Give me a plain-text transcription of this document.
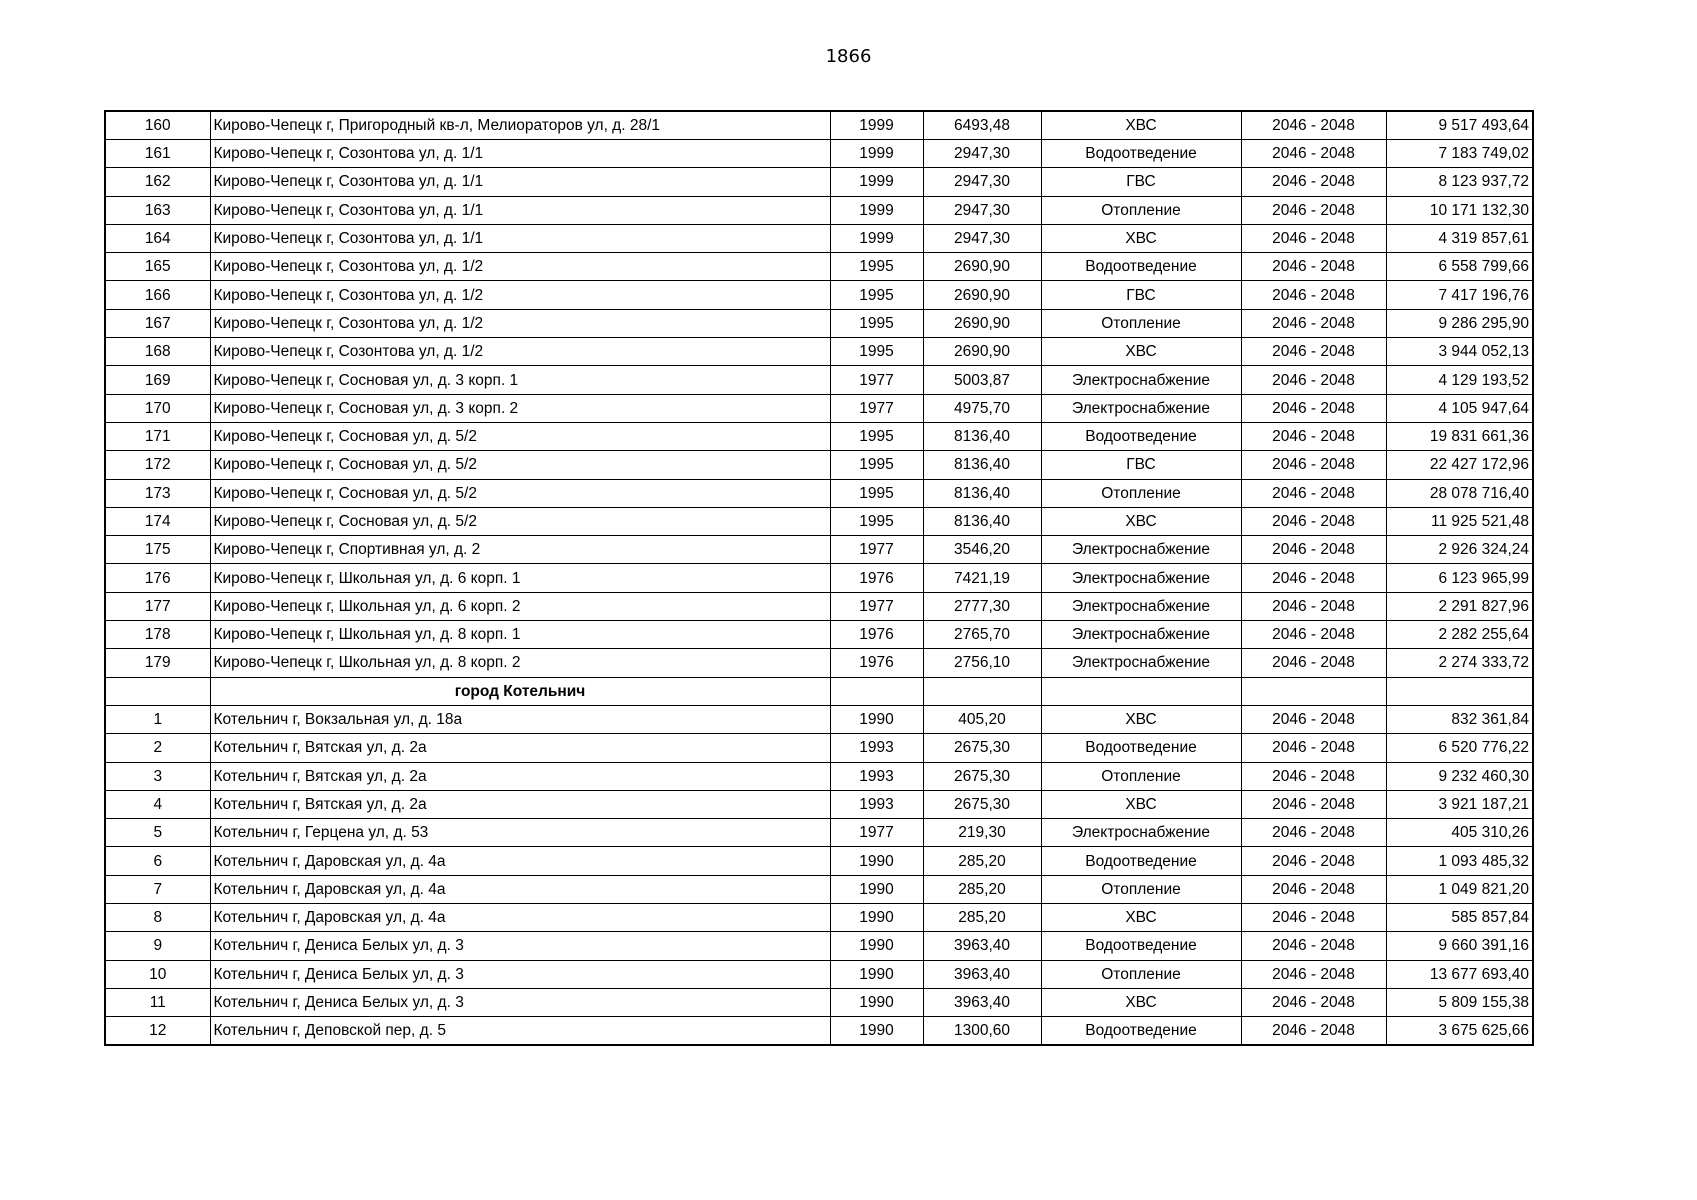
1866
160	Кирово-Чепецк г, Пригородный кв-л, Мелиораторов ул, д. 28/1	1999	6493,48	ХВС	2046 - 2048	9 517 493,64
161	Кирово-Чепецк г, Созонтова ул, д. 1/1	1999	2947,30	Водоотведение	2046 - 2048	7 183 749,02
162	Кирово-Чепецк г, Созонтова ул, д. 1/1	1999	2947,30	ГВС	2046 - 2048	8 123 937,72
163	Кирово-Чепецк г, Созонтова ул, д. 1/1	1999	2947,30	Отопление	2046 - 2048	10 171 132,30
164	Кирово-Чепецк г, Созонтова ул, д. 1/1	1999	2947,30	ХВС	2046 - 2048	4 319 857,61
165	Кирово-Чепецк г, Созонтова ул, д. 1/2	1995	2690,90	Водоотведение	2046 - 2048	6 558 799,66
166	Кирово-Чепецк г, Созонтова ул, д. 1/2	1995	2690,90	ГВС	2046 - 2048	7 417 196,76
167	Кирово-Чепецк г, Созонтова ул, д. 1/2	1995	2690,90	Отопление	2046 - 2048	9 286 295,90
168	Кирово-Чепецк г, Созонтова ул, д. 1/2	1995	2690,90	ХВС	2046 - 2048	3 944 052,13
169	Кирово-Чепецк г, Сосновая ул, д. 3 корп. 1	1977	5003,87	Электроснабжение	2046 - 2048	4 129 193,52
170	Кирово-Чепецк г, Сосновая ул, д. 3 корп. 2	1977	4975,70	Электроснабжение	2046 - 2048	4 105 947,64
171	Кирово-Чепецк г, Сосновая ул, д. 5/2	1995	8136,40	Водоотведение	2046 - 2048	19 831 661,36
172	Кирово-Чепецк г, Сосновая ул, д. 5/2	1995	8136,40	ГВС	2046 - 2048	22 427 172,96
173	Кирово-Чепецк г, Сосновая ул, д. 5/2	1995	8136,40	Отопление	2046 - 2048	28 078 716,40
174	Кирово-Чепецк г, Сосновая ул, д. 5/2	1995	8136,40	ХВС	2046 - 2048	11 925 521,48
175	Кирово-Чепецк г, Спортивная ул, д. 2	1977	3546,20	Электроснабжение	2046 - 2048	2 926 324,24
176	Кирово-Чепецк г, Школьная ул, д. 6 корп. 1	1976	7421,19	Электроснабжение	2046 - 2048	6 123 965,99
177	Кирово-Чепецк г, Школьная ул, д. 6 корп. 2	1977	2777,30	Электроснабжение	2046 - 2048	2 291 827,96
178	Кирово-Чепецк г, Школьная ул, д. 8 корп. 1	1976	2765,70	Электроснабжение	2046 - 2048	2 282 255,64
179	Кирово-Чепецк г, Школьная ул, д. 8 корп. 2	1976	2756,10	Электроснабжение	2046 - 2048	2 274 333,72
	город Котельнич					
1	Котельнич г, Вокзальная ул, д. 18а	1990	405,20	ХВС	2046 - 2048	832 361,84
2	Котельнич г, Вятская ул, д. 2а	1993	2675,30	Водоотведение	2046 - 2048	6 520 776,22
3	Котельнич г, Вятская ул, д. 2а	1993	2675,30	Отопление	2046 - 2048	9 232 460,30
4	Котельнич г, Вятская ул, д. 2а	1993	2675,30	ХВС	2046 - 2048	3 921 187,21
5	Котельнич г, Герцена ул, д. 53	1977	219,30	Электроснабжение	2046 - 2048	405 310,26
6	Котельнич г, Даровская ул, д. 4а	1990	285,20	Водоотведение	2046 - 2048	1 093 485,32
7	Котельнич г, Даровская ул, д. 4а	1990	285,20	Отопление	2046 - 2048	1 049 821,20
8	Котельнич г, Даровская ул, д. 4а	1990	285,20	ХВС	2046 - 2048	585 857,84
9	Котельнич г, Дениса Белых ул, д. 3	1990	3963,40	Водоотведение	2046 - 2048	9 660 391,16
10	Котельнич г, Дениса Белых ул, д. 3	1990	3963,40	Отопление	2046 - 2048	13 677 693,40
11	Котельнич г, Дениса Белых ул, д. 3	1990	3963,40	ХВС	2046 - 2048	5 809 155,38
12	Котельнич г, Деповской пер, д. 5	1990	1300,60	Водоотведение	2046 - 2048	3 675 625,66
